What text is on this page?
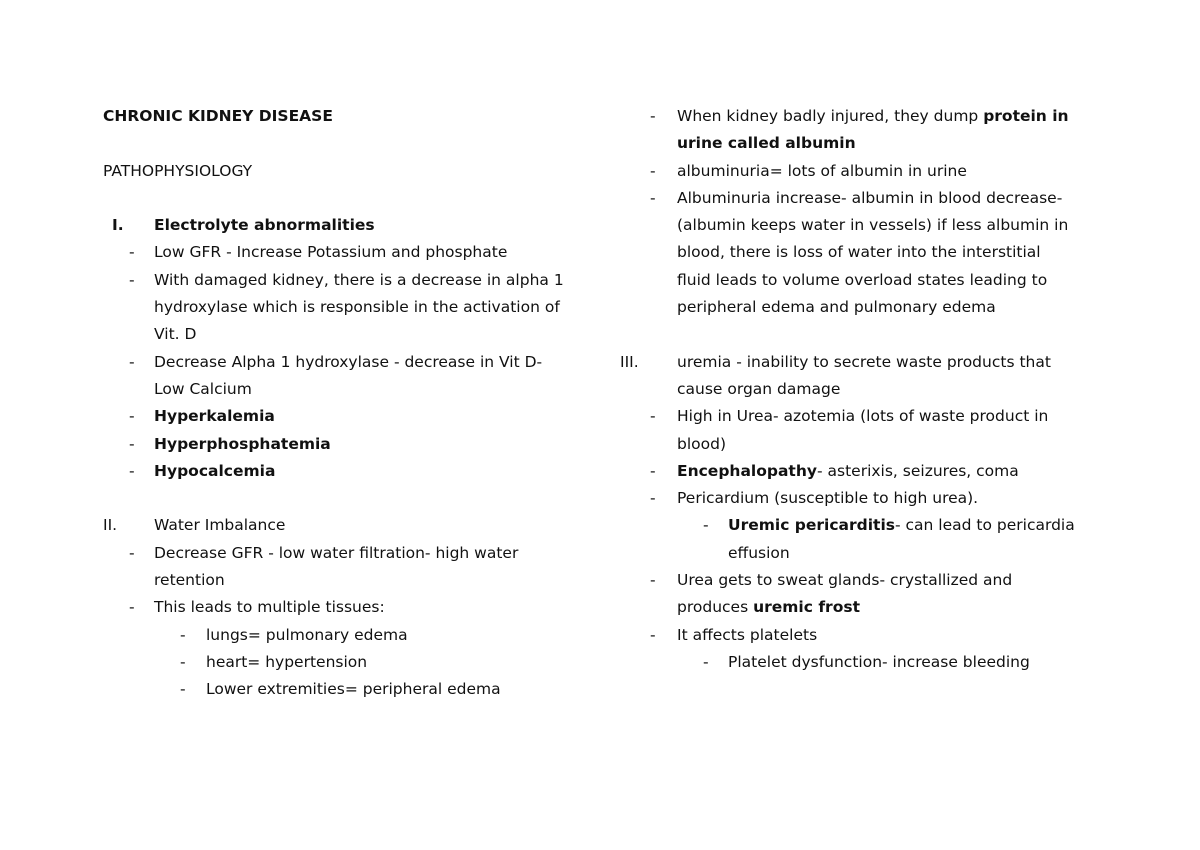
CHRONIC KIDNEY DISEASE
PATHOPHYSIOLOGY
I.	Electrolyte abnormalities
- Low GFR - Increase Potassium and phosphate
- With damaged kidney, there is a decrease in alpha 1
hydroxylase which is responsible in the activation of
Vit. D
- Decrease Alpha 1 hydroxylase - decrease in Vit D-
Low Calcium
- Hyperkalemia
- Hyperphosphatemia
- Hypocalcemia
II.	Water Imbalance
- Decrease GFR - low water filtration- high water
retention
- This leads to multiple tissues:
- lungs= pulmonary edema
- heart= hypertension
- Lower extremities= peripheral edema
- When kidney badly injured, they dump protein in
urine called albumin
- albuminuria= lots of albumin in urine
- Albuminuria increase- albumin in blood decrease-
(albumin keeps water in vessels) if less albumin in
blood, there is loss of water into the interstitial
fluid leads to volume overload states leading to
peripheral edema and pulmonary edema
III.	uremia - inability to secrete waste products that
cause organ damage
- High in Urea- azotemia (lots of waste product in
blood)
- Encephalopathy- asterixis, seizures, coma
- Pericardium (susceptible to high urea).
- Uremic pericarditis- can lead to pericardia
effusion
- Urea gets to sweat glands- crystallized and
produces uremic frost
- It affects platelets
- Platelet dysfunction- increase bleeding
